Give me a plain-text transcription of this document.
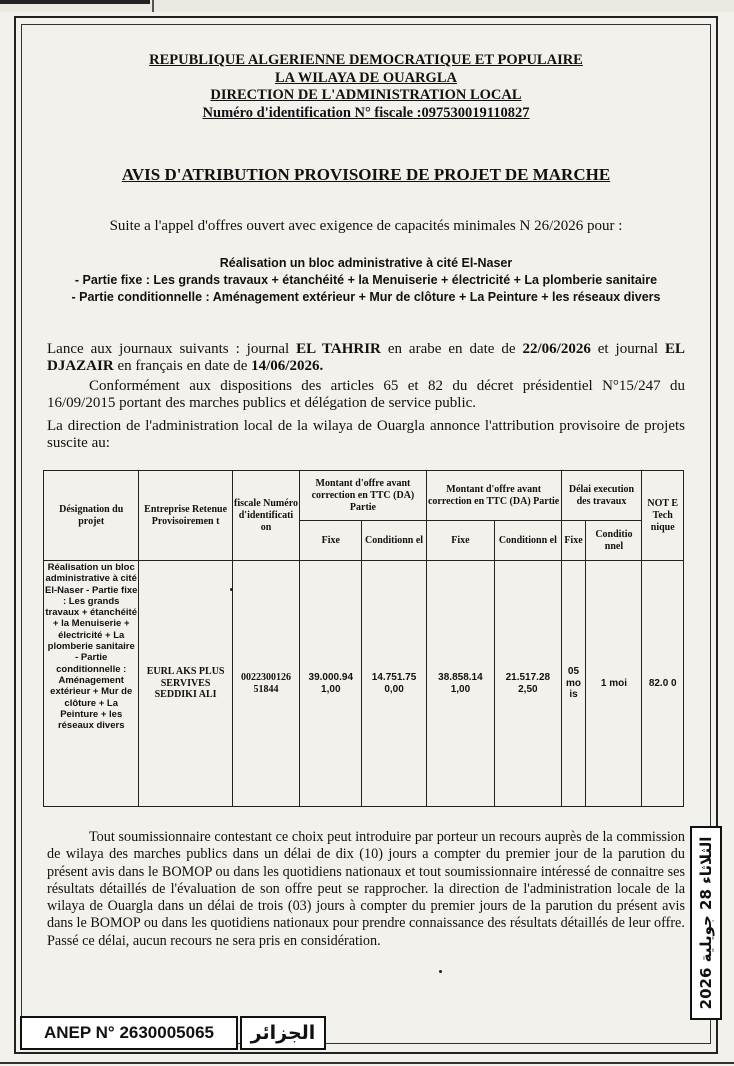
REPUBLIQUE ALGERIENNE DEMOCRATIQUE ET POPULAIRE
LA WILAYA DE OUARGLA
DIRECTION DE L'ADMINISTRATION LOCAL
Numéro d'identification N° fiscale :097530019110827
AVIS D'ATRIBUTION PROVISOIRE DE PROJET DE MARCHE
Suite a l'appel d'offres ouvert avec exigence de capacités minimales N 26/2026 pour :
Réalisation un bloc administrative à cité El-Naser
- Partie fixe : Les grands travaux + étanchéité + la Menuiserie + électricité + La plomberie sanitaire
- Partie conditionnelle : Aménagement extérieur + Mur de clôture + La Peinture + les réseaux divers
Lance aux journaux suivants : journal EL TAHRIR en arabe en date de 22/06/2026 et journal EL DJAZAIR en français en date de 14/06/2026.
Conformément aux dispositions des articles 65 et 82 du décret présidentiel N°15/247 du 16/09/2015 portant des marches publics et délégation de service public.
La direction de l'administration local de la wilaya de Ouargla annonce l'attribution provisoire de projets suscite au:
Désignation du projet	Entreprise Retenue Provisoiremen t	fiscale Numéro d'identificati on	Montant d'offre avant correction en TTC (DA) Partie		Montant d'offre avant correction en TTC (DA) Partie		Délai execution des travaux		NOT E Tech nique
			Fixe	Conditionn el	Fixe	Conditionn el	Fixe	Conditio nnel	
Réalisation un bloc administrative à cité El-Naser - Partie fixe : Les grands travaux + étanchéité + la Menuiserie + électricité + La plomberie sanitaire - Partie conditionnelle : Aménagement extérieur + Mur de clôture + La Peinture + les réseaux divers	EURL AKS PLUS SERVIVES SEDDIKI ALI	0022300126 51844	39.000.94 1,00	14.751.75 0,00	38.858.14 1,00	21.517.28 2,50	05 mo is	1 moi	82.0 0
Tout soumissionnaire contestant ce choix peut introduire par porteur un recours auprès de la commission de wilaya des marches publics dans un délai de dix (10) jours a compter du premier jour de la parution du présent avis dans le BOMOP ou dans les quotidiens nationaux et tout soumissionnaire intéressé de connaitre ses résultats détaillés de l'évaluation de son offre peut se rapprocher. la direction de l'administration locale de la wilaya de Ouargla dans un délai de trois (03) jours à compter du premier jours de la parution du présent avis dans le BOMOP ou dans les quotidiens nationaux pour prendre connaissance des résultats détaillés de leur offre.
Passé ce délai, aucun recours ne sera pris en considération.
ANEP N° 2630005065	الجزائر
الثلاثاء 28 جويلية 2026
